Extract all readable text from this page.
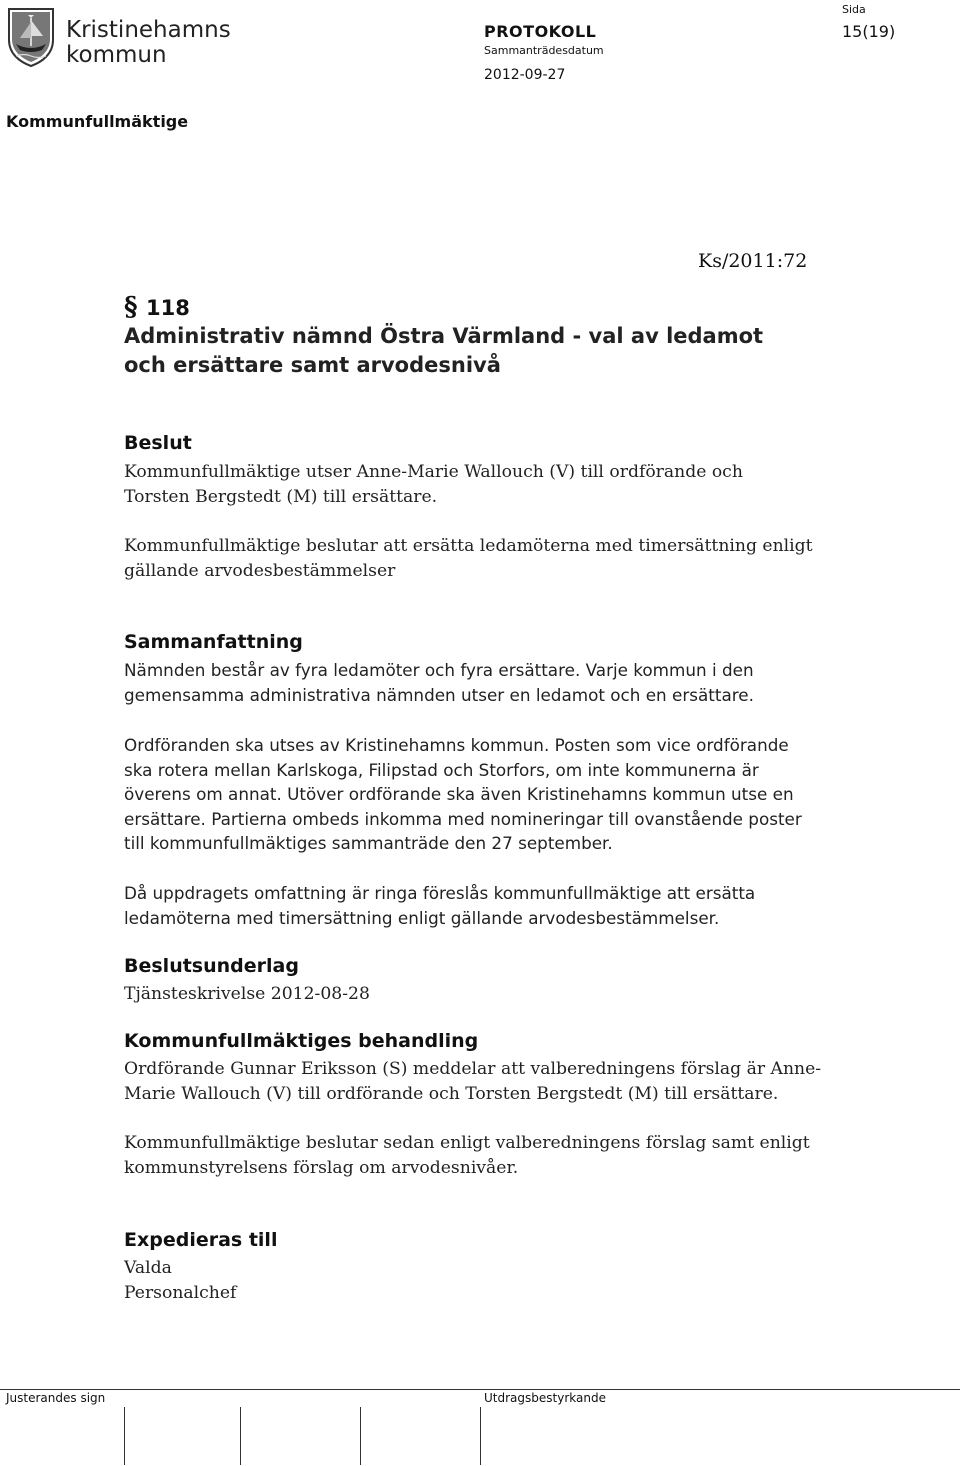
Kristinehamns
kommun
PROTOKOLL
Sammanträdesdatum
2012-09-27
Sida
15(19)
Kommunfullmäktige
Ks/2011:72
§ 118
Administrativ nämnd Östra Värmland - val av ledamot
och ersättare samt arvodesnivå
Beslut
Kommunfullmäktige utser Anne-Marie Wallouch (V) till ordförande och
Torsten Bergstedt (M) till ersättare.
Kommunfullmäktige beslutar att ersätta ledamöterna med timersättning enligt
gällande arvodesbestämmelser
Sammanfattning
Nämnden består av fyra ledamöter och fyra ersättare. Varje kommun i den
gemensamma administrativa nämnden utser en ledamot och en ersättare.
Ordföranden ska utses av Kristinehamns kommun. Posten som vice ordförande
ska rotera mellan Karlskoga, Filipstad och Storfors, om inte kommunerna är
överens om annat. Utöver ordförande ska även Kristinehamns kommun utse en
ersättare. Partierna ombeds inkomma med nomineringar till ovanstående poster
till kommunfullmäktiges sammanträde den 27 september.
Då uppdragets omfattning är ringa föreslås kommunfullmäktige att ersätta
ledamöterna med timersättning enligt gällande arvodesbestämmelser.
Beslutsunderlag
Tjänsteskrivelse 2012-08-28
Kommunfullmäktiges behandling
Ordförande Gunnar Eriksson (S) meddelar att valberedningens förslag är Anne-
Marie Wallouch (V) till ordförande och Torsten Bergstedt (M) till ersättare.
Kommunfullmäktige beslutar sedan enligt valberedningens förslag samt enligt
kommunstyrelsens förslag om arvodesnivåer.
Expedieras till
Valda
Personalchef
Justerandes sign	Utdragsbestyrkande
